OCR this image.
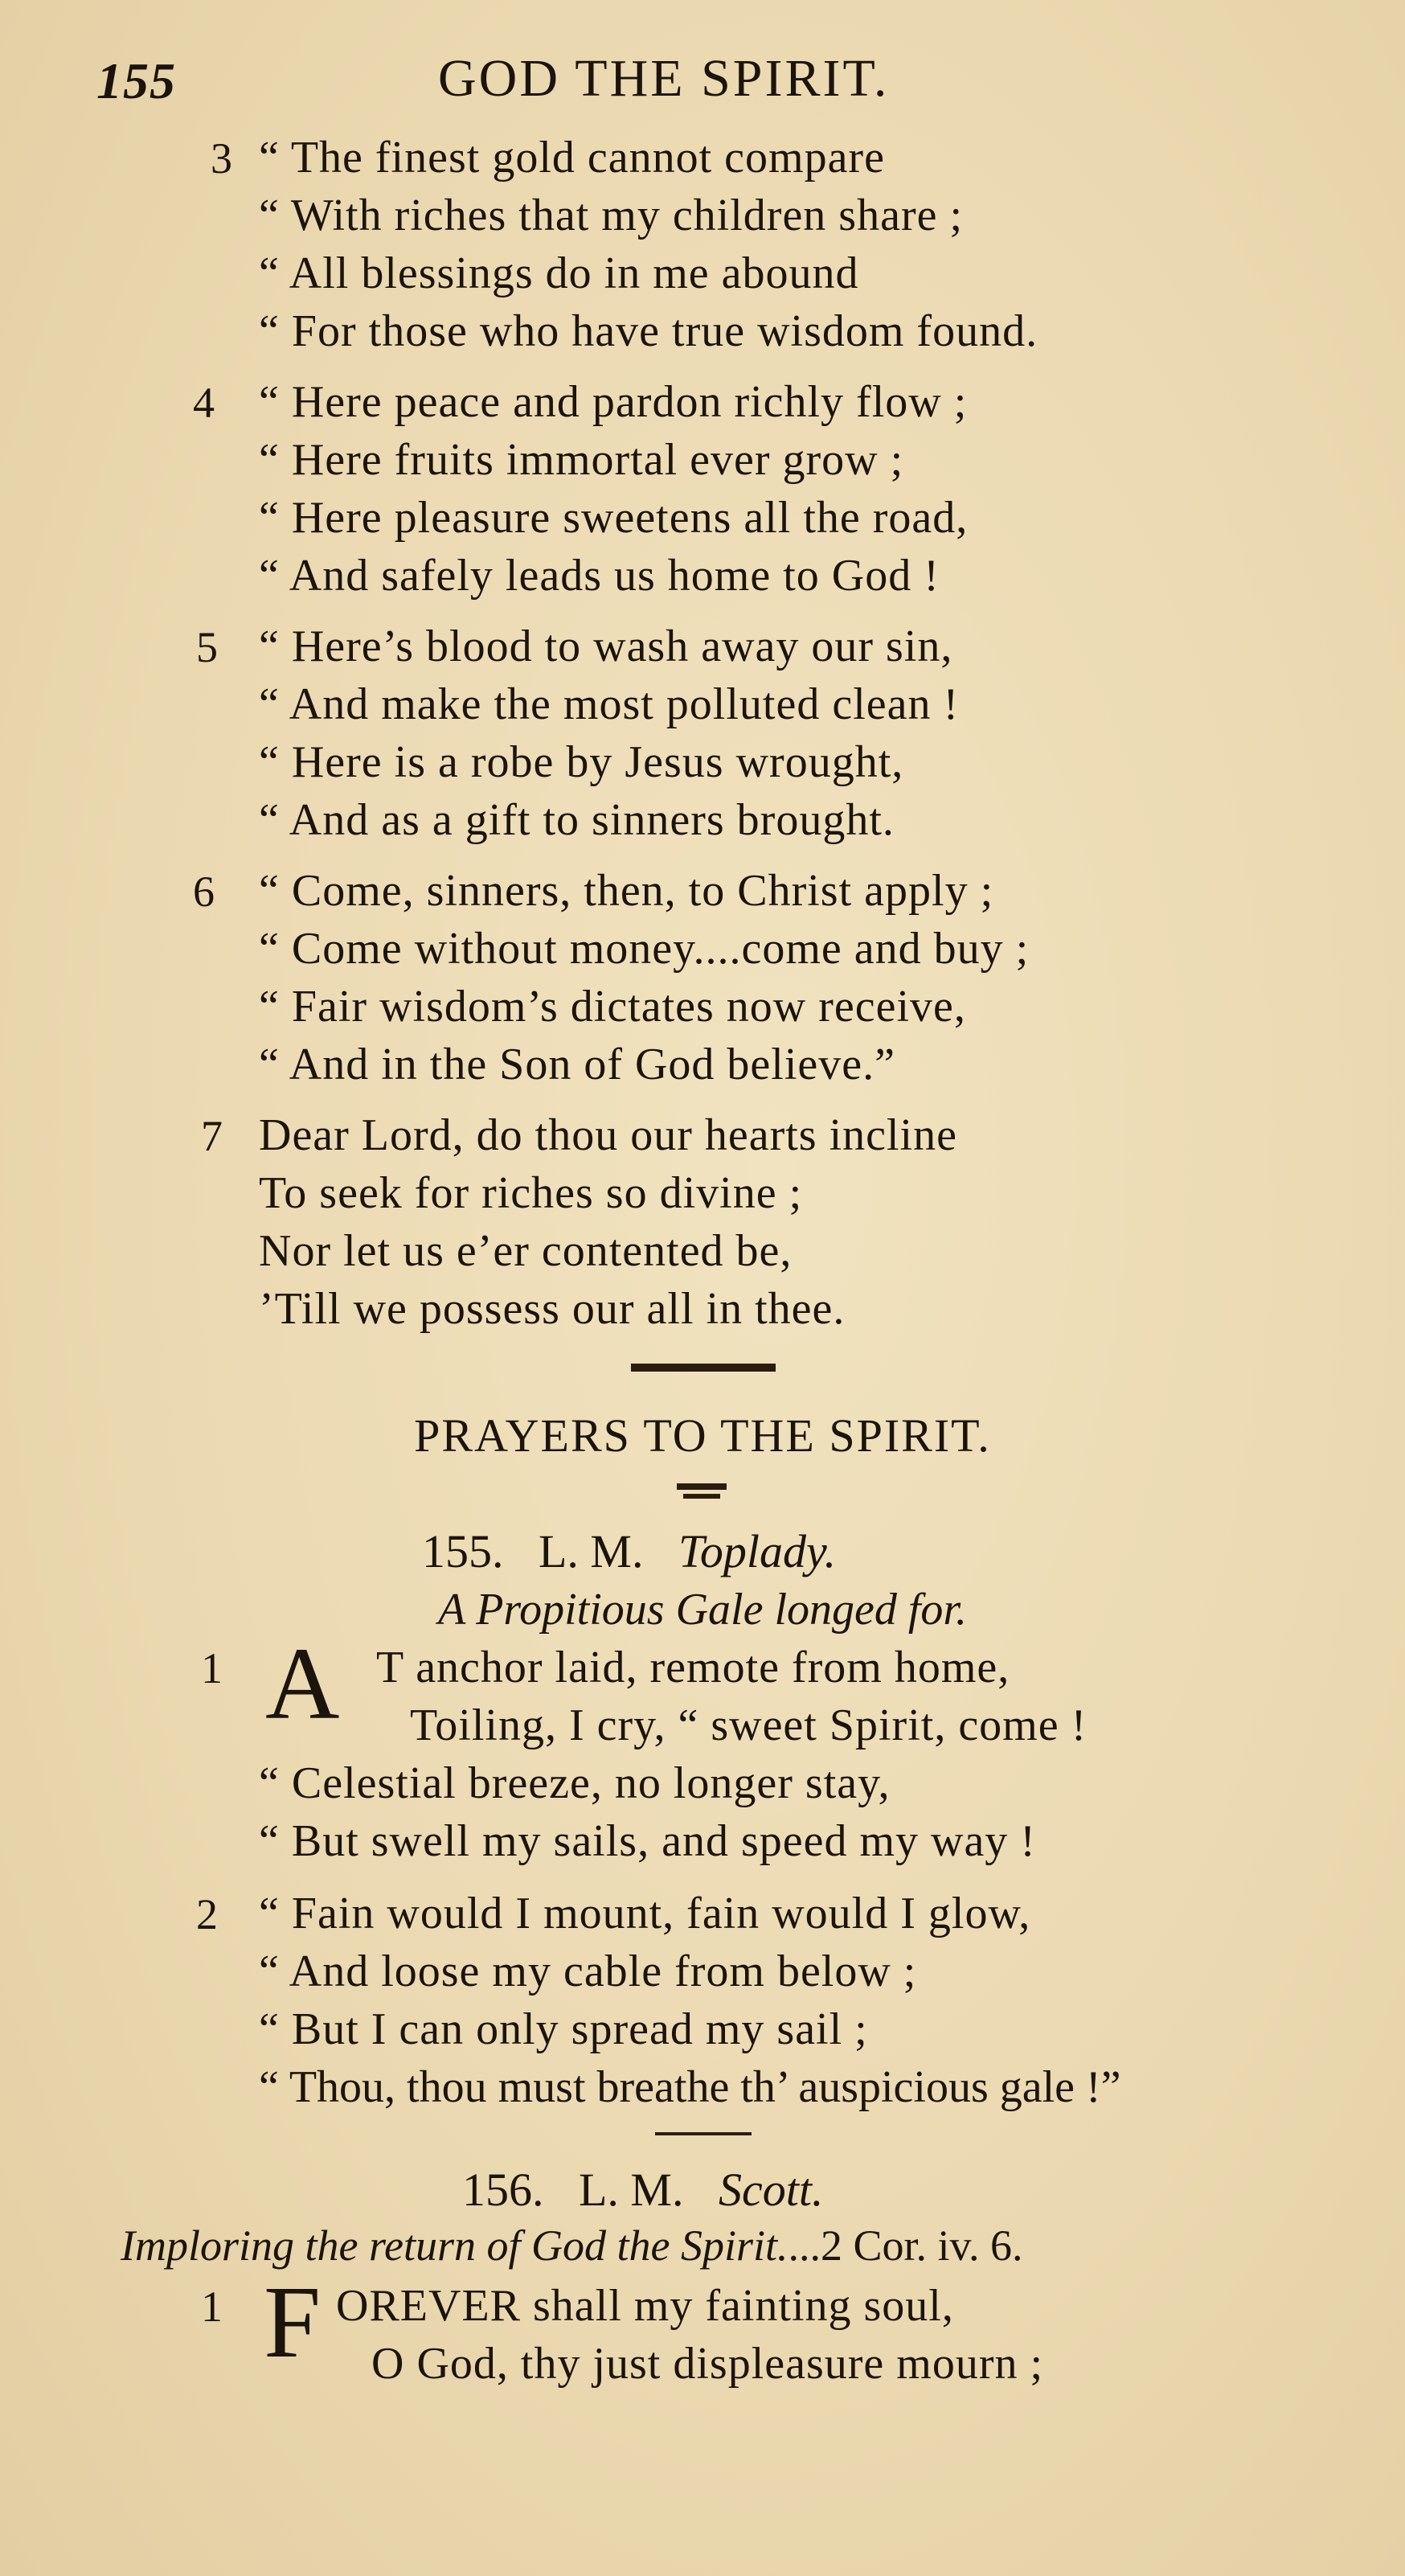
155	GOD THE SPIRIT.
3 “ The finest gold cannot compare
“ With riches that my children share ;
“ All blessings do in me abound
“ For those who have true wisdom found.
4 “ Here peace and pardon richly flow ;
“ Here fruits immortal ever grow ;
“ Here pleasure sweetens all the road,
“ And safely leads us home to God !
5 “ Here’s blood to wash away our sin,
“ And make the most polluted clean !
“ Here is a robe by Jesus wrought,
“ And as a gift to sinners brought.
6 “ Come, sinners, then, to Christ apply ;
“ Come without money....come and buy ;
“ Fair wisdom’s dictates now receive,
“ And in the Son of God believe.”
7 Dear Lord, do thou our hearts incline
To seek for riches so divine ;
Nor let us e’er contented be,
’Till we possess our all in thee.
PRAYERS TO THE SPIRIT.
155. L. M. Toplady.
A Propitious Gale longed for.
1 A T anchor laid, remote from home,
Toiling, I cry, “ sweet Spirit, come !
“ Celestial breeze, no longer stay,
“ But swell my sails, and speed my way !
2 “ Fain would I mount, fain would I glow,
“ And loose my cable from below ;
“ But I can only spread my sail ;
“ Thou, thou must breathe th’ auspicious gale !”
156. L. M. Scott.
Imploring the return of God the Spirit....2 Cor. iv. 6.
1 F OREVER shall my fainting soul,
O God, thy just displeasure mourn ;
